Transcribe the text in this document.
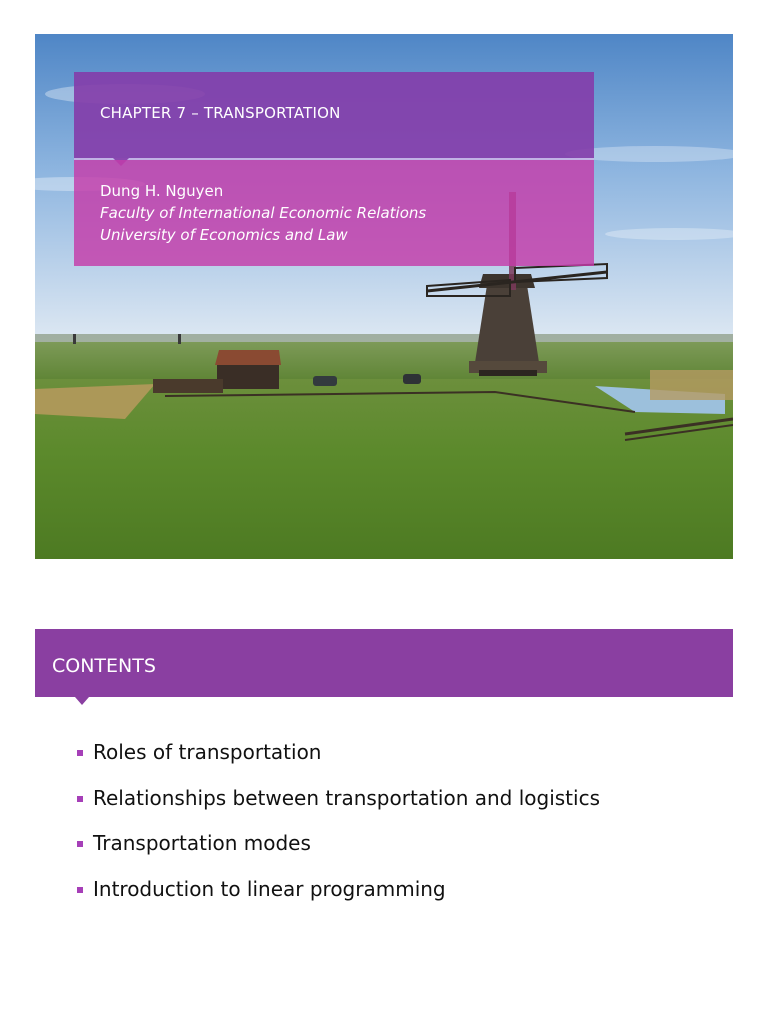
CHAPTER 7 – TRANSPORTATION
Dung H. Nguyen
Faculty of International Economic Relations
University of Economics and Law
CONTENTS
Roles of transportation
Relationships between transportation and logistics
Transportation modes
Introduction to linear programming
